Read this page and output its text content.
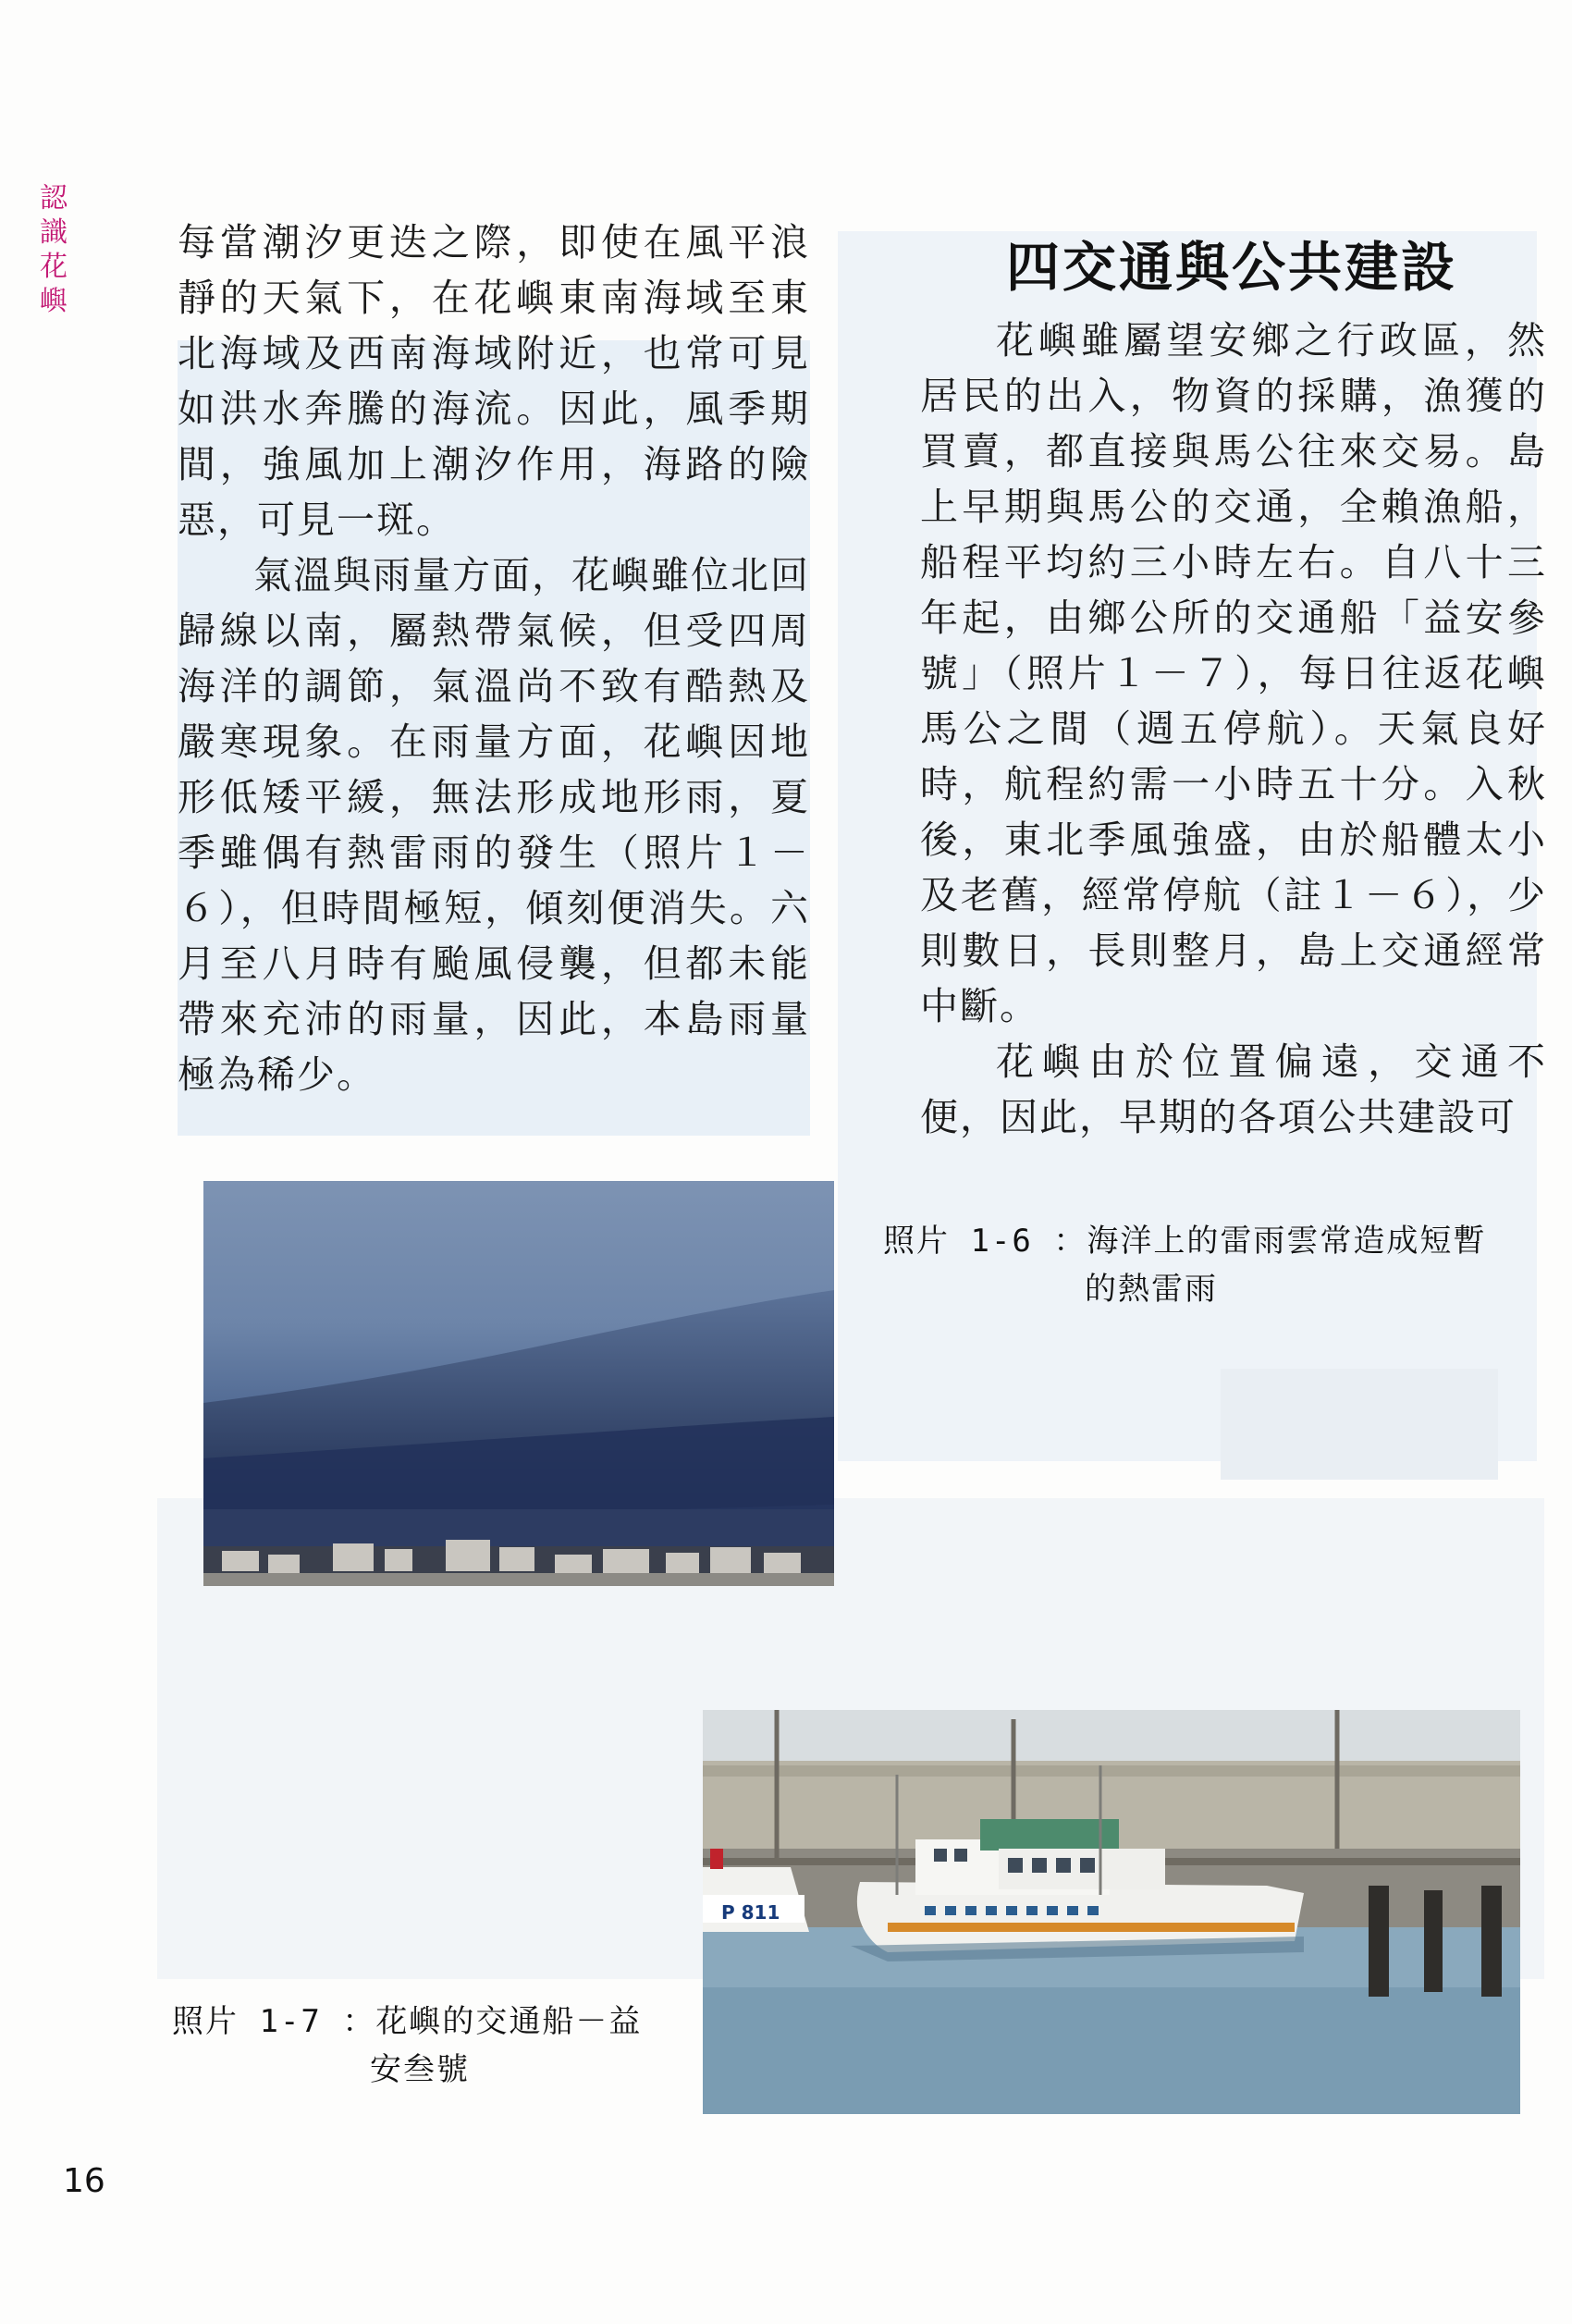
認
識
花
嶼

每當潮汐更迭之際，即使在風平浪靜的天氣下，在花嶼東南海域至東北海域及西南海域附近，也常可見如洪水奔騰的海流。因此，風季期間，強風加上潮汐作用，海路的險惡，可見一斑。

氣溫與雨量方面，花嶼雖位北回歸線以南，屬熱帶氣候，但受四周海洋的調節，氣溫尚不致有酷熱及嚴寒現象。在雨量方面，花嶼因地形低矮平緩，無法形成地形雨，夏季雖偶有熱雷雨的發生（照片１－６），但時間極短，傾刻便消失。六月至八月時有颱風侵襲，但都未能帶來充沛的雨量，因此，本島雨量極為稀少。

四交通與公共建設

花嶼雖屬望安鄉之行政區，然居民的出入，物資的採購，漁獲的買賣，都直接與馬公往來交易。島上早期與馬公的交通，全賴漁船，船程平均約三小時左右。自八十三年起，由鄉公所的交通船「益安參號」（照片１－７），每日往返花嶼馬公之間（週五停航）。天氣良好時，航程約需一小時五十分。入秋後，東北季風強盛，由於船體太小及老舊，經常停航（註１－６），少則數日，長則整月，島上交通經常中斷。

花嶼由於位置偏遠，交通不便，因此，早期的各項公共建設可

照片 1-6 ：海洋上的雷雨雲常造成短暫
的熱雷雨
P 811
照片 1-7 ：花嶼的交通船－益
安叁號
16
